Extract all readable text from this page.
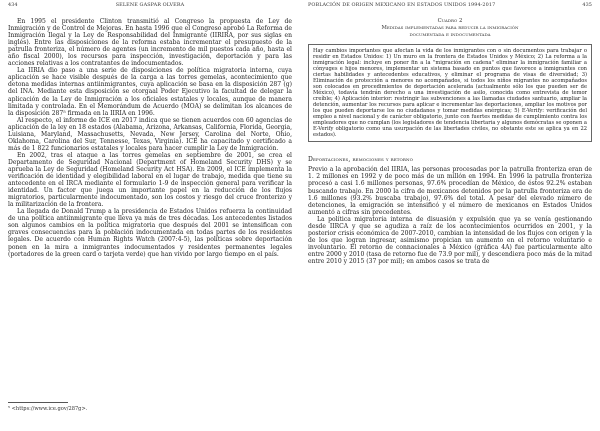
434	SELENE GASPAR OLVERA

En 1995 el presidente Clinton transmitió al Congreso la propuesta de Ley de Inmigración y de Control de Mejoras. En hasta 1996 que el Congreso aprobó La Reforma de Inmigración Ilegal y la Ley de Responsabilidad del Inmigrante (IIRIRA, por sus siglas en inglés). Entre las disposiciones de la reforma estaba incrementar el presupuesto de la patrulla fronteriza, el número de agentes (un incremento de mil puestos cada año, hasta el año fiscal 2000), los recursos para inspección, investigación, deportación y para las acciones relativas a los contratantes de indocumentados.

La IIRIA dio paso a una serie de disposiciones de política migratoria interna, cuya aplicación se hace visible después de la carga a las torres gemelas, acontecimiento que detona medidas internas antiinmigrantes, cuya aplicación se basa en la disposición 287 (g) del INA. Mediante esta disposición se otorgaal Poder Ejecutivo la facultad de delegar la aplicación de la Ley de Inmigración a los oficiales estatales y locales, aunque de manera limitada y controlada. En el Memorándum de Acuerdo (MOA) se delimitan los alcances de la disposición 287⁵ firmada en la IIRIA en 1996.

Al respecto, el informe de ICE en 2017 indica que se tienen acuerdos con 60 agencias de aplicación de la ley en 18 estados (Alabama, Arizona, Arkansas, California, Florida, Georgia, Luisiana, Maryland, Massachusetts, Nevada, New Jersey, Carolina del Norte, Ohio, Oklahoma, Carolina del Sur, Tennesse, Texas, Virginia). ICE ha capacitado y certificado a más de 1 822 funcionarios estatales y locales para hacer cumplir la Ley de Inmigración.

En 2002, tras el ataque a las torres gemelas en septiembre de 2001, se crea el Departamento de Seguridad Nacional (Department of Homeland Security DHS) y se aprueba la Ley de Seguridad (Homeland Security Act HSA). En 2009, el ICE implementa la verificación de identidad y elegibilidad laboral en el lugar de trabajo, medida que tiene su antecedente en el IRCA mediante el formulario 1-9 de inspección general para verificar la identidad. Un factor que juega un importante papel en la reducción de los flujos migratorios, particularmente indocumentado, son los costos y riesgo del cruce fronterizo y la militarización de la frontera.

La llegada de Donald Trump a la presidencia de Estados Unidos refuerza la continuidad de una política antiinmigrante que lleva ya más de tres décadas. Los antecedentes listados son algunos cambios en la política migratoria que después del 2001 se intensifican con graves consecuencias para la población indocumentada en todas partes de los residentes legales. De acuerdo con Human Rights Watch (2007:4-5), las políticas sobre deportación ponen en la mira a inmigrantes indocumentados y residentes permanentes legales (portadores de la green card o tarjeta verde) que han vivido por largo tiempo en el país.

⁵ <https://www.ice.gov/287g>.
POBLACIÓN DE ORIGEN MEXICANO EN ESTADOS UNIDOS 1994-2017	435
Cuadro 2
Medidas implementadas para reducir la inmigración
documentada e indocumentada

Hay cambios importantes que afectan la vida de los inmigrantes con o sin documentos para trabajar o residir en Estados Unidos: 1) Un muro en la frontera de Estados Unidos y México; 2) La reforma a la inmigración legal: incluye en poner fin a la "migración en cadena" eliminar la inmigración familiar a cónyuges e hijos menores, implementar un sistema basado en puntos que favorece a inmigrantes con ciertas habilidades y antecedentes educativos, y eliminar el programa de visas de diversidad; 3) Eliminación de protección a menores no acompañados, si todos los niños migrantes no acompañados son colocados en procedimientos de deportación acelerada (actualmente sólo los que pueden ser de México), todavía tendrán derecho a una investigación de asilo, conocida como entrevista de temor creíble; 4) Aplicación interior: restringir las subvenciones a las llamadas ciudades santuario, ampliar la detención, aumentar los recursos para aplicar e incrementar las deportaciones, ampliar los motivos por los que pueden deportarse los no ciudadanos y tomar medidas enérgicas; 5) E-Verify: verificación del empleo a nivel nacional y de carácter obligatorio, junto con fuertes medidas de cumplimiento contra los empleadores que no cumplan (los legisladores de tendencia libertaria y algunos demócratas se oponen a E-Verify obligatorio como una usurpación de las libertades civiles, no obstante este se aplica ya en 22 estados).

Deportaciones, remociones y retorno

Previo a la aprobación del IIRIA, las personas procesadas por la patrulla fronteriza eran de 1. 2 millones en 1992 y de poco más de un millón en 1994. En 1996 la patrulla fronteriza procesó a casi 1.6 millones personas, 97.6% procedían de México, de éstos 92.2% estaban buscando trabajo. En 2000 la cifra de mexicanos detenidos por la patrulla fronteriza era de 1.6 millones (93.2% buscaba trabajo), 97.6% del total. A pesar del elevado número de detenciones, la emigración se intensificó y el número de mexicanos en Estados Unidos aumentó a cifras sin precedentes.

La política migratoria interna de disuasión y expulsión que ya se venía gestionando desde IIRCA y que se agudiza a raíz de los acontecimientos ocurridos en 2001, y la posterior crisis económica de 2007-2010, cambian la intensidad de los flujos con origen y la de los que logran ingresar, asimismo propician un aumento en el retorno voluntario e involuntario. El retorno de connacionales a México (gráfica 4A) fue particularmente alto entre 2000 y 2010 (tasa de retorno fue de 73.9 por mil), y descendiera poco más de la mitad entre 2010 y 2015 (37 por mil); en ambos casos se trata de
